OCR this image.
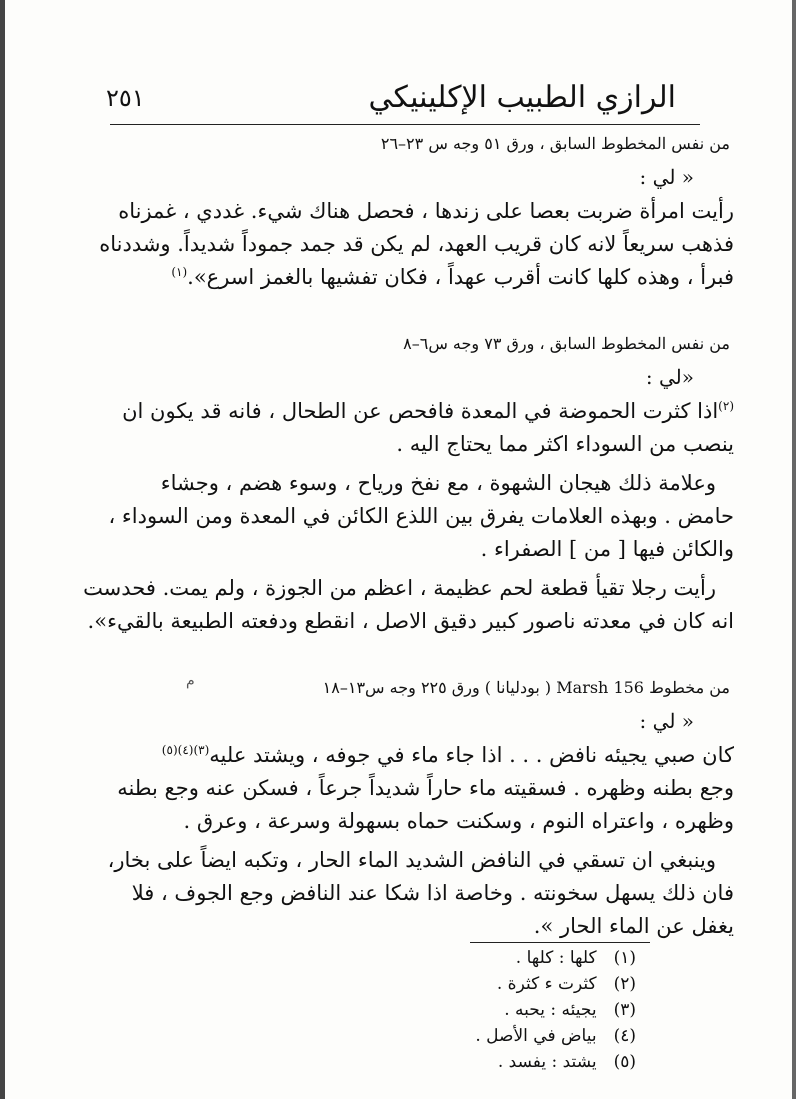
الرازي الطبيب الإكلينيكي
٢٥١
من نفس المخطوط السابق ، ورق ٥١ وجه س ٢٣–٢٦
« لي :
رأيت امرأة ضربت بعصا على زندها ، فحصل هناك شيء. غددي ، غمزناه
فذهب سريعاً لانه كان قريب العهد، لم يكن قد جمد جموداً شديداً. وشددناه
فبرأ ، وهذه كلها كانت أقرب عهداً ، فكان تفشيها بالغمز اسرع».$^{(١)}$
من نفس المخطوط السابق ، ورق ٧٣ وجه س٦–٨
«لي :
$^{(٢)}$اذا كثرت الحموضة في المعدة فافحص عن الطحال ، فانه قد يكون ان
ينصب من السوداء اكثر مما يحتاج اليه .
وعلامة ذلك هيجان الشهوة ، مع نفخ ورياح ، وسوء هضم ، وجشاء
حامض . وبهذه العلامات يفرق بين اللذع الكائن في المعدة ومن السوداء ،
والكائن فيها [ من ] الصفراء .
رأيت رجلا تقيأ قطعة لحم عظيمة ، اعظم من الجوزة ، ولم يمت. فحدست
انه كان في معدته ناصور كبير دقيق الاصل ، انقطع ودفعته الطبيعة بالقيء».
من مخطوط Marsh 156 ( بودليانا ) ورق ٢٢٥ وجه س١٣–١٨
« لي :
كان صبي يجيئه نافض . . . اذا جاء ماء في جوفه ، ويشتد عليه$^{(٣)(٤)(٥)}$
وجع بطنه وظهره . فسقيته ماء حاراً شديداً جرعاً ، فسكن عنه وجع بطنه
وظهره ، واعتراه النوم ، وسكنت حماه بسهولة وسرعة ، وعرق .
وينبغي ان تسقي في النافض الشديد الماء الحار ، وتكبه ايضاً على بخار،
فان ذلك يسهل سخونته . وخاصة اذا شكا عند النافض وجع الجوف ، فلا
يغفل عن الماء الحار ».
م
(١) كلها : كلها .
(٢) كثرت ء كثرة .
(٣) يجيئه : يحبه .
(٤) بياض في الأصل .
(٥) يشتد : يفسد .
